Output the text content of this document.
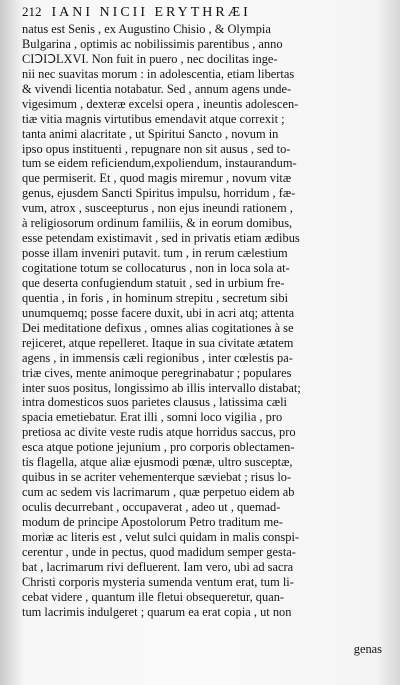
212 IANI NICII ERYTHRÆI
natus est Senis , ex Augustino Chisio , & Olympia
Bulgarina , optimis ac nobilissimis parentibus , anno
CIↃIↃLXVI. Non fuit in puero , nec docilitas inge-
nii nec suavitas morum : in adolescentia, etiam libertas
& vivendi licentia notabatur. Sed , annum agens unde-
vigesimum , dexteræ excelsi opera , ineuntis adolescen-
tiæ vitia magnis virtutibus emendavit atque correxit ;
tanta animi alacritate , ut Spiritui Sancto , novum in
ipso opus instituenti , repugnare non sit ausus , sed to-
tum se eidem reficiendum,expoliendum, instaurandum-
que permiserit. Et , quod magis miremur , novum vitæ
genus, ejusdem Sancti Spiritus impulsu, horridum , fæ-
vum, atrox , susceepturus , non ejus ineundi rationem ,
à religiosorum ordinum familiis, & in eorum domibus,
esse petendam existimavit , sed in privatis etiam ædibus
posse illam inveniri putavit. tum , in rerum cælestium
cogitatione totum se collocaturus , non in loca sola at-
que deserta confugiendum statuit , sed in urbium fre-
quentia , in foris , in hominum strepitu , secretum sibi
unumquemq; posse facere duxit, ubi in acri atq; attenta
Dei meditatione defixus , omnes alias cogitationes à se
rejiceret, atque repelleret. Itaque in sua civitate ætatem
agens , in immensis cæli regionibus , inter cœlestis pa-
triæ cives, mente animoque peregrinabatur ; populares
inter suos positus, longissimo ab illis intervallo distabat;
intra domesticos suos parietes clausus , latissima cæli
spacia emetiebatur. Erat illi , somni loco vigilia , pro
pretiosa ac divite veste rudis atque horridus saccus, pro
esca atque potione jejunium , pro corporis oblectamen-
tis flagella, atque aliæ ejusmodi pœnæ, ultro susceptæ,
quibus in se acriter vehementerque sæviebat ; risus lo-
cum ac sedem vis lacrimarum , quæ perpetuo eidem ab
oculis decurrebant , occupaverat , adeo ut , quemad-
modum de principe Apostolorum Petro traditum me-
moriæ ac literis est , velut sulci quidam in malis conspi-
cerentur , unde in pectus, quod madidum semper gesta-
bat , lacrimarum rivi defluerent. Iam vero, ubi ad sacra
Christi corporis mysteria sumenda ventum erat, tum li-
cebat videre , quantum ille fletui obsequeretur, quan-
tum lacrimis indulgeret ; quarum ea erat copia , ut non
genas
